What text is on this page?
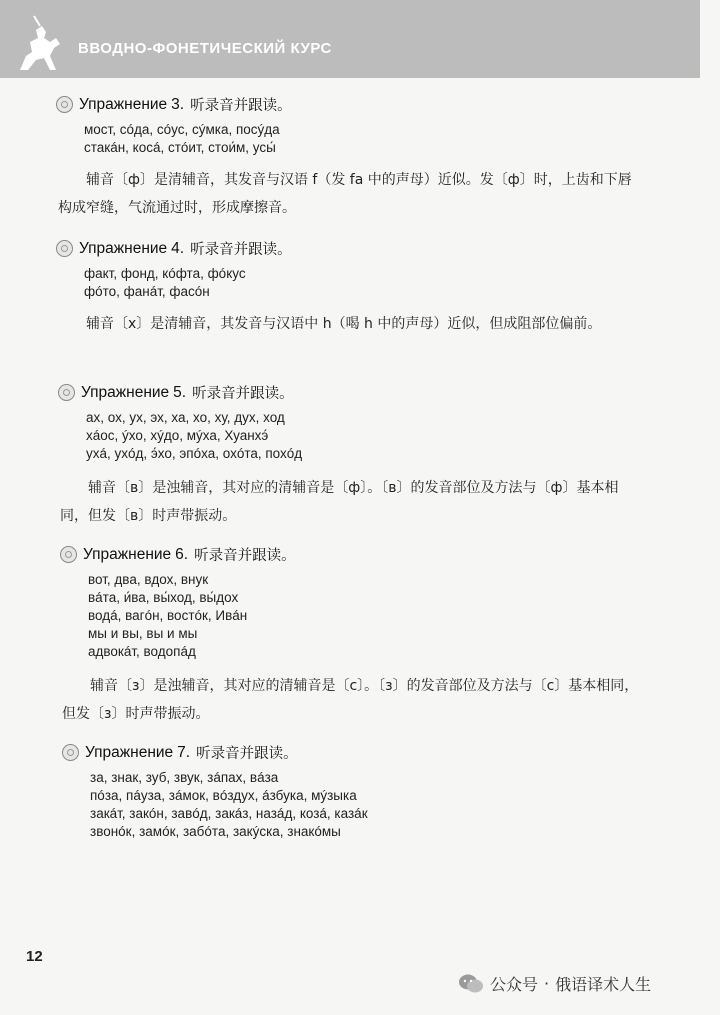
ВВОДНО-ФОНЕТИЧЕСКИЙ КУРС
Упражнение 3. 听录音并跟读。
мост, сóда, сóус, сýмка, посýда
стакáн, косá, стóит, стои́м, усы́
辅音〔ф〕是清辅音，其发音与汉语 f（发 fa 中的声母）近似。发〔ф〕时，上齿和下唇构成窄缝，气流通过时，形成摩擦音。
Упражнение 4. 听录音并跟读。
факт, фонд, кóфта, фóкус
фóто, фанáт, фасóн
辅音〔х〕是清辅音，其发音与汉语中 h（喝 h 中的声母）近似，但成阻部位偏前。
Упражнение 5. 听录音并跟读。
ах, ох, ух, эх, ха, хо, ху, дух, ход
хáос, ýхо, хýдо, мýха, Хуанхэ́
ухá, ухóд, э́хо, эпóха, охóта, похóд
辅音〔в〕是浊辅音，其对应的清辅音是〔ф〕。〔в〕的发音部位及方法与〔ф〕基本相同，但发〔в〕时声带振动。
Упражнение 6. 听录音并跟读。
вот, два, вдох, внук
вáта, и́ва, вы́ход, вы́дох
водá, вагóн, востóк, Ивáн
мы и вы, вы и мы
адвокáт, водопáд
辅音〔з〕是浊辅音，其对应的清辅音是〔с〕。〔з〕的发音部位及方法与〔с〕基本相同，但发〔з〕时声带振动。
Упражнение 7. 听录音并跟读。
за, знак, зуб, звук, зáпах, вáза
пóза, пáуза, зáмок, вóздух, áзбука, мýзыка
закáт, закóн, завóд, закáз, назáд, козá, казáк
звонóк, замóк, забóта, закýска, знакóмы
12
公众号 · 俄语译术人生
